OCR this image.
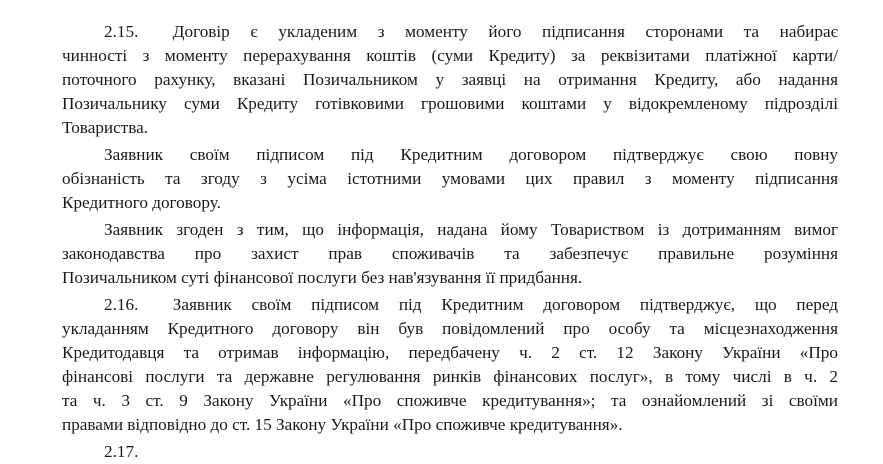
2.15.  Договір є укладеним з моменту його підписання сторонами та набирає
чинності з моменту перерахування коштів (суми Кредиту) за реквізитами платіжної карти/
поточного рахунку, вказані Позичальником у заявці на отримання Кредиту, або надання
Позичальнику суми Кредиту готівковими грошовими коштами у відокремленому підрозділі
Товариства.
Заявник своїм підписом під Кредитним договором підтверджує свою повну
обізнаність та згоду з усіма істотними умовами цих правил з моменту підписання
Кредитного договору.
Заявник згоден з тим, що інформація, надана йому Товариством із дотриманням вимог
законодавства про захист прав споживачів та забезпечує правильне розуміння
Позичальником суті фінансової послуги без нав'язування її придбання.
2.16.  Заявник своїм підписом під Кредитним договором підтверджує, що перед
укладанням Кредитного договору він був повідомлений про особу та місцезнаходження
Кредитодавця та отримав інформацію, передбачену ч. 2 ст. 12 Закону України «Про
фінансові послуги та державне регулювання ринків фінансових послуг», в тому числі в ч. 2
та ч. 3 ст. 9 Закону України «Про споживче кредитування»; та ознайомлений зі своїми
правами відповідно до ст. 15 Закону України «Про споживче кредитування».
2.17.
